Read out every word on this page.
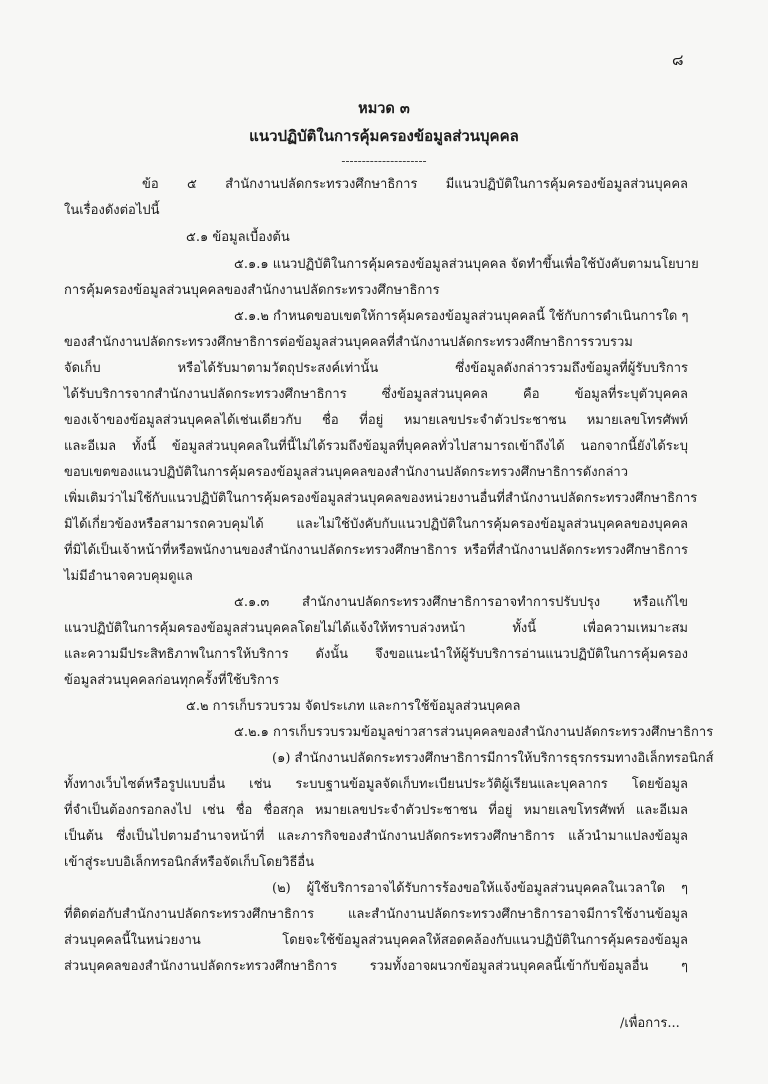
๘
หมวด ๓
แนวปฏิบัติในการคุ้มครองข้อมูลส่วนบุคคล
---------------------
ข้อ ๕ สำนักงานปลัดกระทรวงศึกษาธิการ มีแนวปฏิบัติในการคุ้มครองข้อมูลส่วนบุคคล
ในเรื่องดังต่อไปนี้
๕.๑ ข้อมูลเบื้องต้น
๕.๑.๑ แนวปฏิบัติในการคุ้มครองข้อมูลส่วนบุคคล จัดทำขึ้นเพื่อใช้บังคับตามนโยบาย
การคุ้มครองข้อมูลส่วนบุคคลของสำนักงานปลัดกระทรวงศึกษาธิการ
๕.๑.๒ กำหนดขอบเขตให้การคุ้มครองข้อมูลส่วนบุคคลนี้ ใช้กับการดำเนินการใด ๆ
ของสำนักงานปลัดกระทรวงศึกษาธิการต่อข้อมูลส่วนบุคคลที่สำนักงานปลัดกระทรวงศึกษาธิการรวบรวม
จัดเก็บ หรือได้รับมาตามวัตถุประสงค์เท่านั้น ซึ่งข้อมูลดังกล่าวรวมถึงข้อมูลที่ผู้รับบริการ
ได้รับบริการจากสำนักงานปลัดกระทรวงศึกษาธิการ ซึ่งข้อมูลส่วนบุคคล คือ ข้อมูลที่ระบุตัวบุคคล
ของเจ้าของข้อมูลส่วนบุคคลได้เช่นเดียวกับ ชื่อ ที่อยู่ หมายเลขประจำตัวประชาชน หมายเลขโทรศัพท์
และอีเมล ทั้งนี้ ข้อมูลส่วนบุคคลในที่นี้ไม่ได้รวมถึงข้อมูลที่บุคคลทั่วไปสามารถเข้าถึงได้ นอกจากนี้ยังได้ระบุ
ขอบเขตของแนวปฏิบัติในการคุ้มครองข้อมูลส่วนบุคคลของสำนักงานปลัดกระทรวงศึกษาธิการดังกล่าว
เพิ่มเติมว่าไม่ใช้กับแนวปฏิบัติในการคุ้มครองข้อมูลส่วนบุคคลของหน่วยงานอื่นที่สำนักงานปลัดกระทรวงศึกษาธิการ
มิได้เกี่ยวข้องหรือสามารถควบคุมได้ และไม่ใช้บังคับกับแนวปฏิบัติในการคุ้มครองข้อมูลส่วนบุคคลของบุคคล
ที่มิได้เป็นเจ้าหน้าที่หรือพนักงานของสำนักงานปลัดกระทรวงศึกษาธิการ หรือที่สำนักงานปลัดกระทรวงศึกษาธิการ
ไม่มีอำนาจควบคุมดูแล
๕.๑.๓ สำนักงานปลัดกระทรวงศึกษาธิการอาจทำการปรับปรุง หรือแก้ไข
แนวปฏิบัติในการคุ้มครองข้อมูลส่วนบุคคลโดยไม่ได้แจ้งให้ทราบล่วงหน้า ทั้งนี้ เพื่อความเหมาะสม
และความมีประสิทธิภาพในการให้บริการ ดังนั้น จึงขอแนะนำให้ผู้รับบริการอ่านแนวปฏิบัติในการคุ้มครอง
ข้อมูลส่วนบุคคลก่อนทุกครั้งที่ใช้บริการ
๕.๒ การเก็บรวบรวม จัดประเภท และการใช้ข้อมูลส่วนบุคคล
๕.๒.๑ การเก็บรวบรวมข้อมูลข่าวสารส่วนบุคคลของสำนักงานปลัดกระทรวงศึกษาธิการ
(๑) สำนักงานปลัดกระทรวงศึกษาธิการมีการให้บริการธุรกรรมทางอิเล็กทรอนิกส์
ทั้งทางเว็บไซต์หรือรูปแบบอื่น เช่น ระบบฐานข้อมูลจัดเก็บทะเบียนประวัติผู้เรียนและบุคลากร โดยข้อมูล
ที่จำเป็นต้องกรอกลงไป เช่น ชื่อ ชื่อสกุล หมายเลขประจำตัวประชาชน ที่อยู่ หมายเลขโทรศัพท์ และอีเมล
เป็นต้น ซึ่งเป็นไปตามอำนาจหน้าที่ และภารกิจของสำนักงานปลัดกระทรวงศึกษาธิการ แล้วนำมาแปลงข้อมูล
เข้าสู่ระบบอิเล็กทรอนิกส์หรือจัดเก็บโดยวิธีอื่น
(๒) ผู้ใช้บริการอาจได้รับการร้องขอให้แจ้งข้อมูลส่วนบุคคลในเวลาใด ๆ
ที่ติดต่อกับสำนักงานปลัดกระทรวงศึกษาธิการ และสำนักงานปลัดกระทรวงศึกษาธิการอาจมีการใช้งานข้อมูล
ส่วนบุคคลนี้ในหน่วยงาน โดยจะใช้ข้อมูลส่วนบุคคลให้สอดคล้องกับแนวปฏิบัติในการคุ้มครองข้อมูล
ส่วนบุคคลของสำนักงานปลัดกระทรวงศึกษาธิการ รวมทั้งอาจผนวกข้อมูลส่วนบุคคลนี้เข้ากับข้อมูลอื่น ๆ
/เพื่อการ...
